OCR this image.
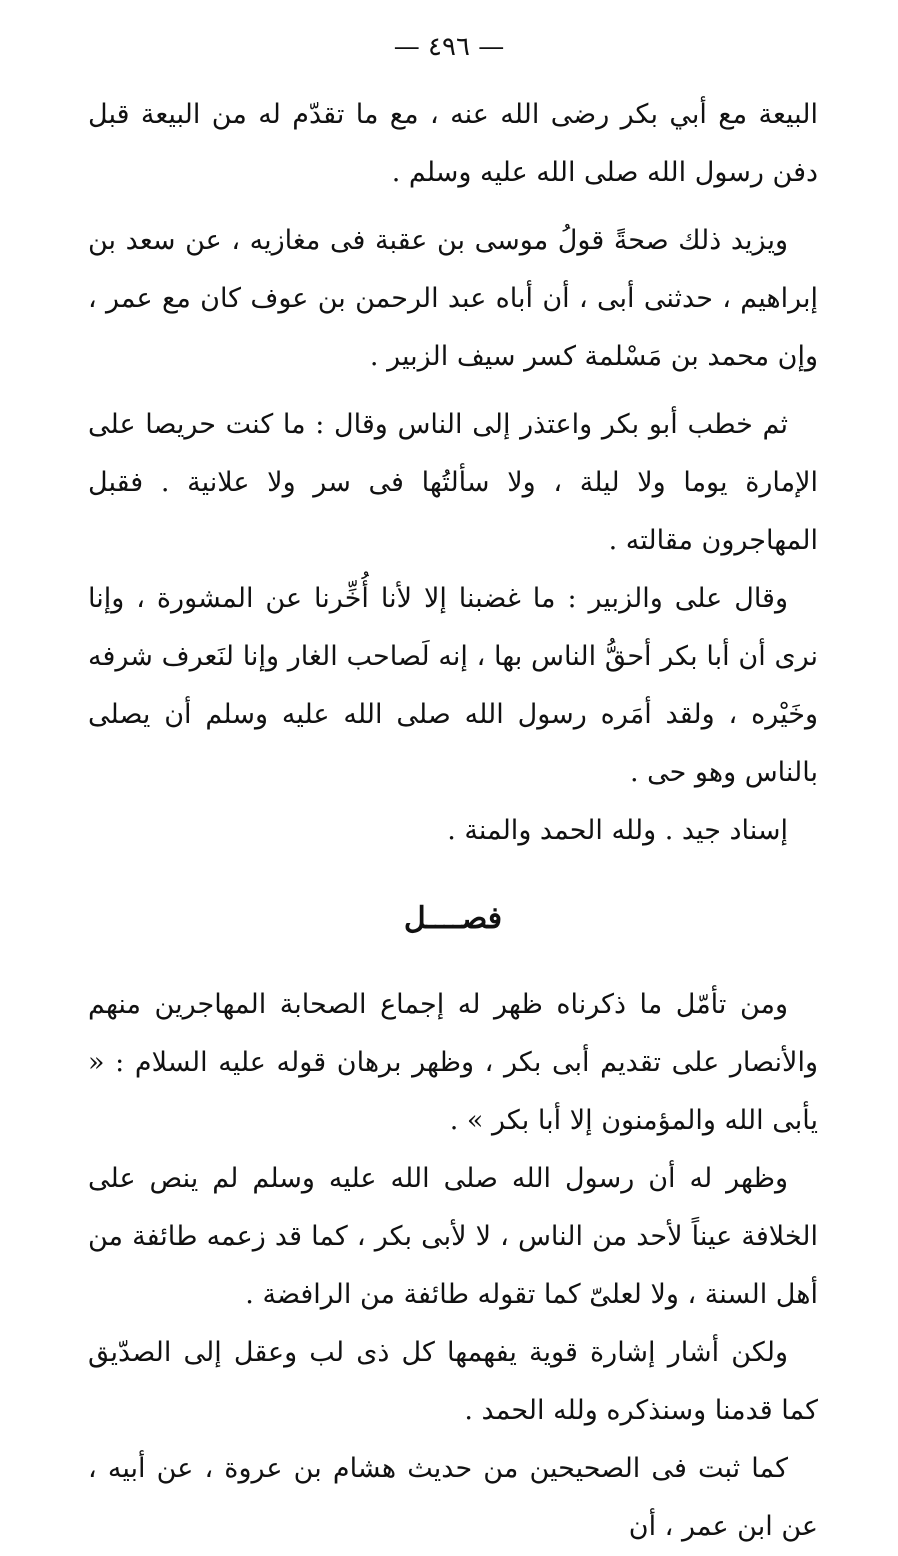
— ٤٩٦ —

البيعة مع أبي بكر رضى الله عنه ، مع ما تقدّم له من البيعة قبل دفن رسول الله صلى الله عليه وسلم .

ويزيد ذلك صحةً قولُ موسى بن عقبة فى مغازيه ، عن سعد بن إبراهيم ، حدثنى أبى ، أن أباه عبد الرحمن بن عوف كان مع عمر ، وإن محمد بن مَسْلمة كسر سيف الزبير .

ثم خطب أبو بكر واعتذر إلى الناس وقال : ما كنت حريصا على الإمارة يوما ولا ليلة ، ولا سألتُها فى سر ولا علانية . فقبل المهاجرون مقالته .

وقال على والزبير : ما غضبنا إلا لأنا أُخِّرنا عن المشورة ، وإنا نرى أن أبا بكر أحقُّ الناس بها ، إنه لَصاحب الغار وإنا لنَعرف شرفه وخَيْره ، ولقد أمَره رسول الله صلى الله عليه وسلم أن يصلى بالناس وهو حى .

إسناد جيد . ولله الحمد والمنة .

فصــــل

ومن تأمّل ما ذكرناه ظهر له إجماع الصحابة المهاجرين منهم والأنصار على تقديم أبى بكر ، وظهر برهان قوله عليه السلام : « يأبى الله والمؤمنون إلا أبا بكر » .

وظهر له أن رسول الله صلى الله عليه وسلم لم ينص على الخلافة عيناً لأحد من الناس ، لا لأبى بكر ، كما قد زعمه طائفة من أهل السنة ، ولا لعلىّ كما تقوله طائفة من الرافضة .

ولكن أشار إشارة قوية يفهمها كل ذى لب وعقل إلى الصدّيق كما قدمنا وسنذكره ولله الحمد .

كما ثبت فى الصحيحين من حديث هشام بن عروة ، عن أبيه ، عن ابن عمر ، أن
